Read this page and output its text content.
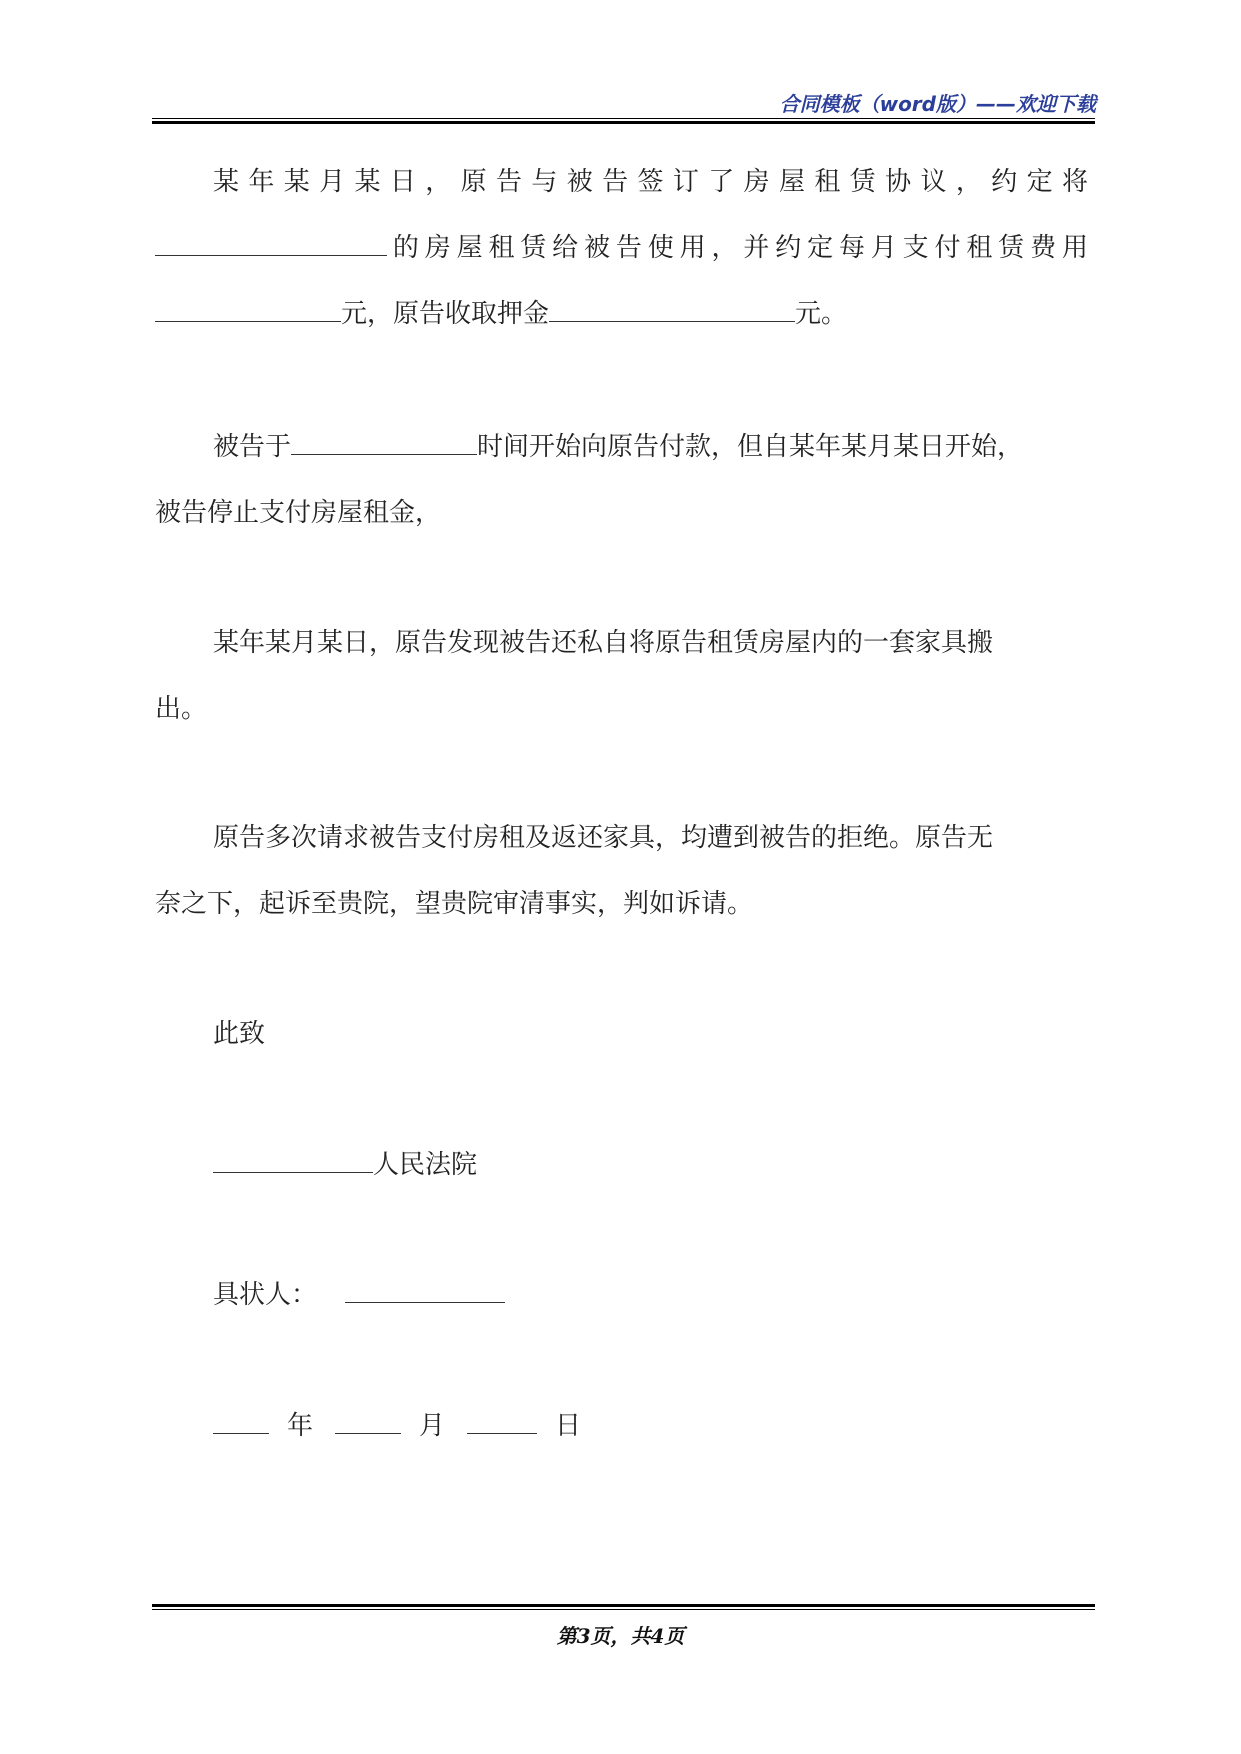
合同模板（word版）——欢迎下载
某年某月某日，原告与被告签订了房屋租赁协议，约定将
的房屋租赁给被告使用，并约定每月支付租赁费用
元，原告收取押金	元。
被告于	时间开始向原告付款，但自某年某月某日开始，
被告停止支付房屋租金，
某年某月某日，原告发现被告还私自将原告租赁房屋内的一套家具搬
出。
原告多次请求被告支付房租及返还家具，均遭到被告的拒绝。原告无
奈之下，起诉至贵院，望贵院审清事实，判如诉请。
此致
人民法院
具状人：
年	月	日
第3页，共4页
